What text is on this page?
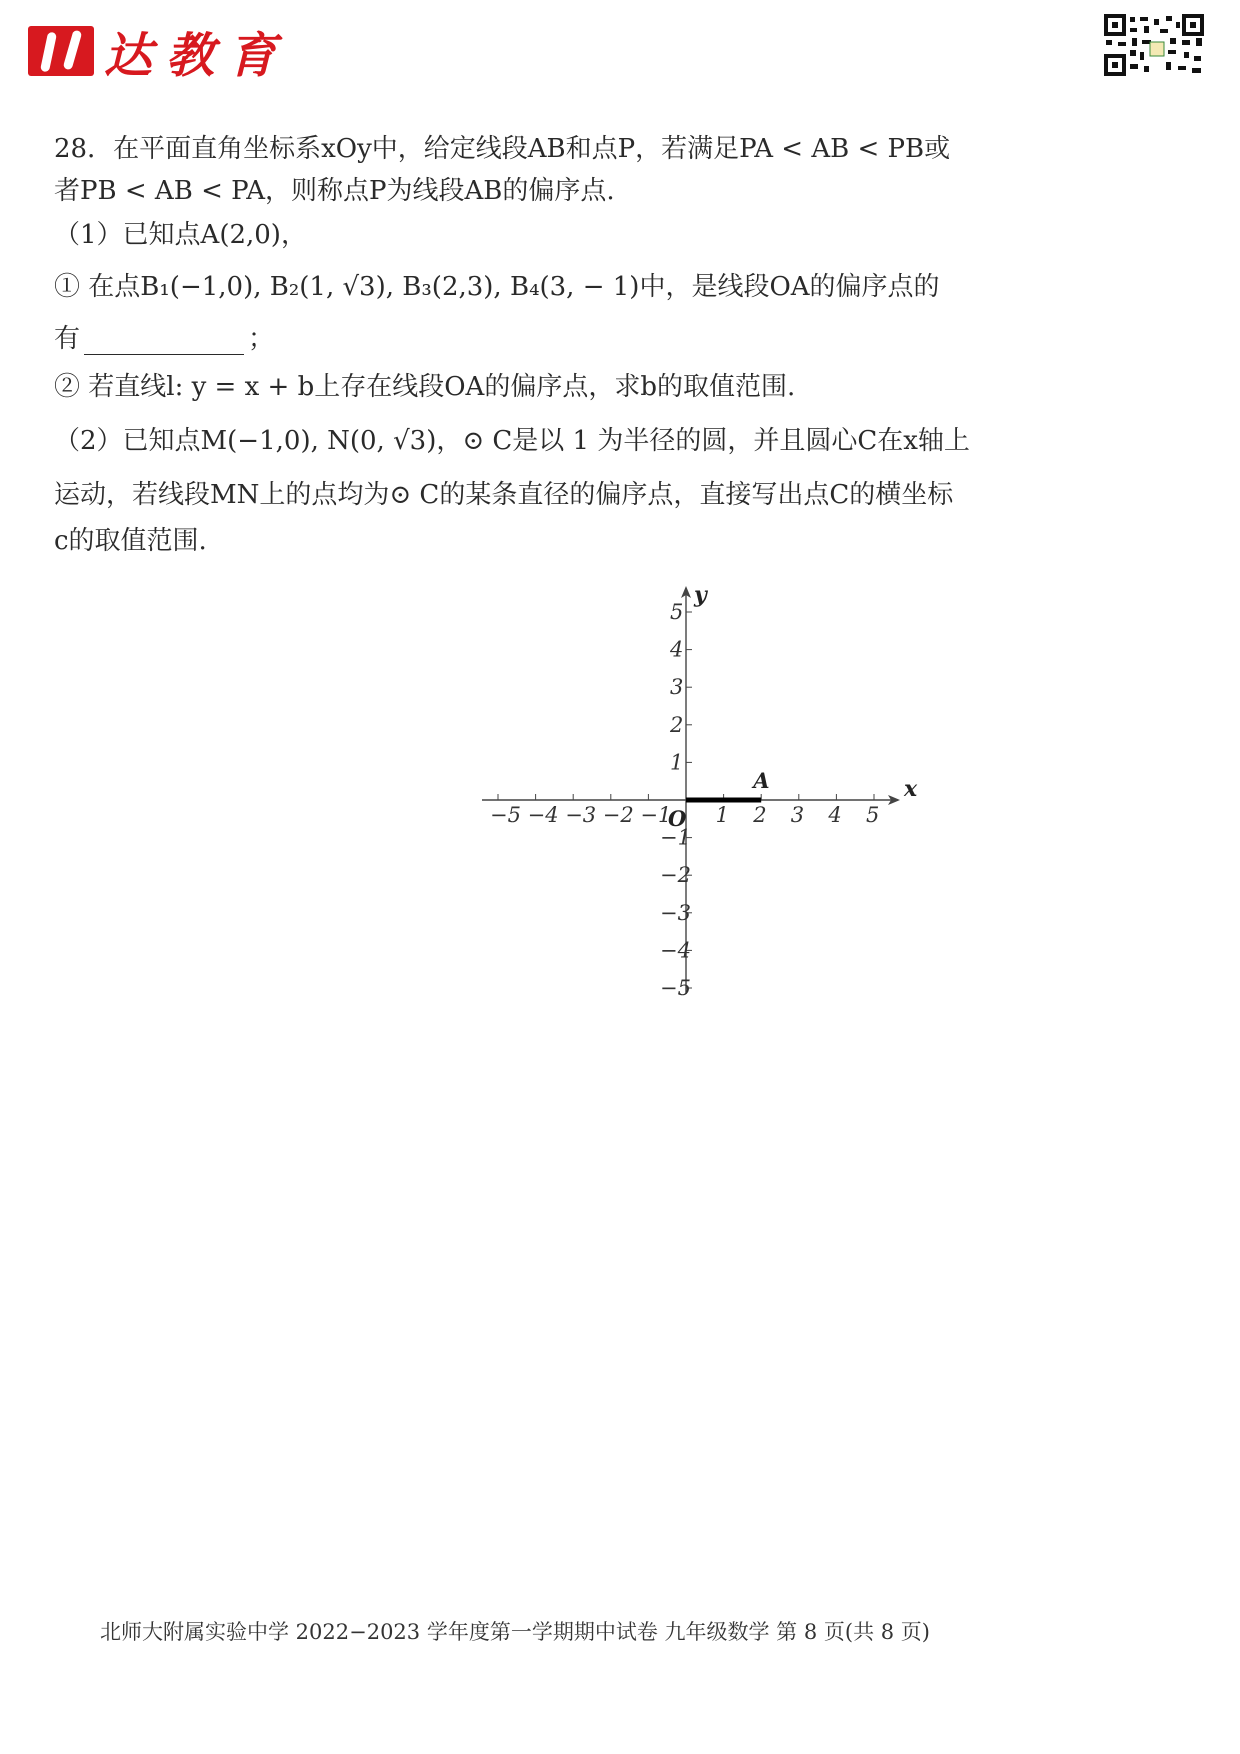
达教育
28．在平面直角坐标系xOy中，给定线段AB和点P，若满足PA < AB < PB或
者PB < AB < PA，则称点P为线段AB的偏序点.
（1）已知点A(2,0)，
① 在点B₁(−1,0), B₂(1, √3), B₃(2,3), B₄(3, − 1)中，是线段OA的偏序点的
有	；
② 若直线l: y = x + b上存在线段OA的偏序点，求b的取值范围.
（2）已知点M(−1,0), N(0, √3)，⊙ C是以 1 为半径的圆，并且圆心C在x轴上
运动，若线段MN上的点均为⊙ C的某条直径的偏序点，直接写出点C的横坐标
c的取值范围.
−5 −4 −3 −2 −1 1 2 3 4 5
5
4
3
2
1
−1
−2
−3
−4
−5
x
y
O
A
北师大附属实验中学 2022−2023 学年度第一学期期中试卷 九年级数学 第 8 页(共 8 页)
